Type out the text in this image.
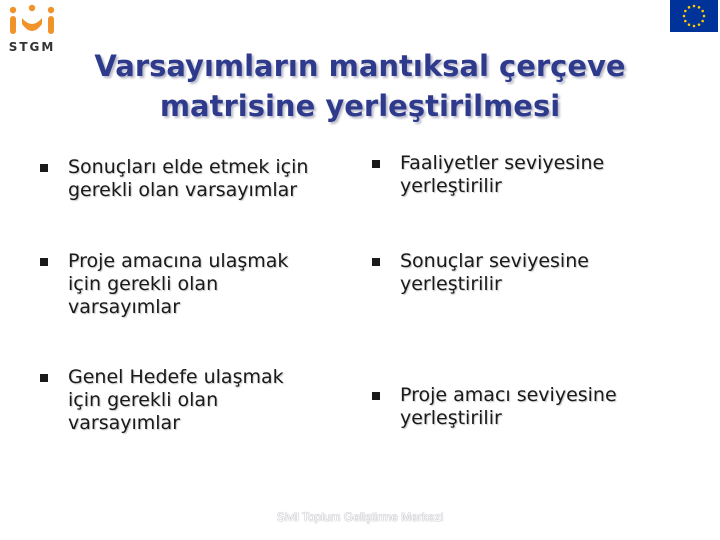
STGM
Varsayımların mantıksal çerçeve
matrisine yerleştirilmesi
Sonuçları elde etmek için
gerekli olan varsayımlar
Proje amacına ulaşmak
için gerekli olan
varsayımlar
Genel Hedefe ulaşmak
için gerekli olan
varsayımlar
Faaliyetler seviyesine
yerleştirilir
Sonuçlar seviyesine
yerleştirilir
Proje amacı seviyesine
yerleştirilir
Sivil Toplum Geliştirme Merkezi
